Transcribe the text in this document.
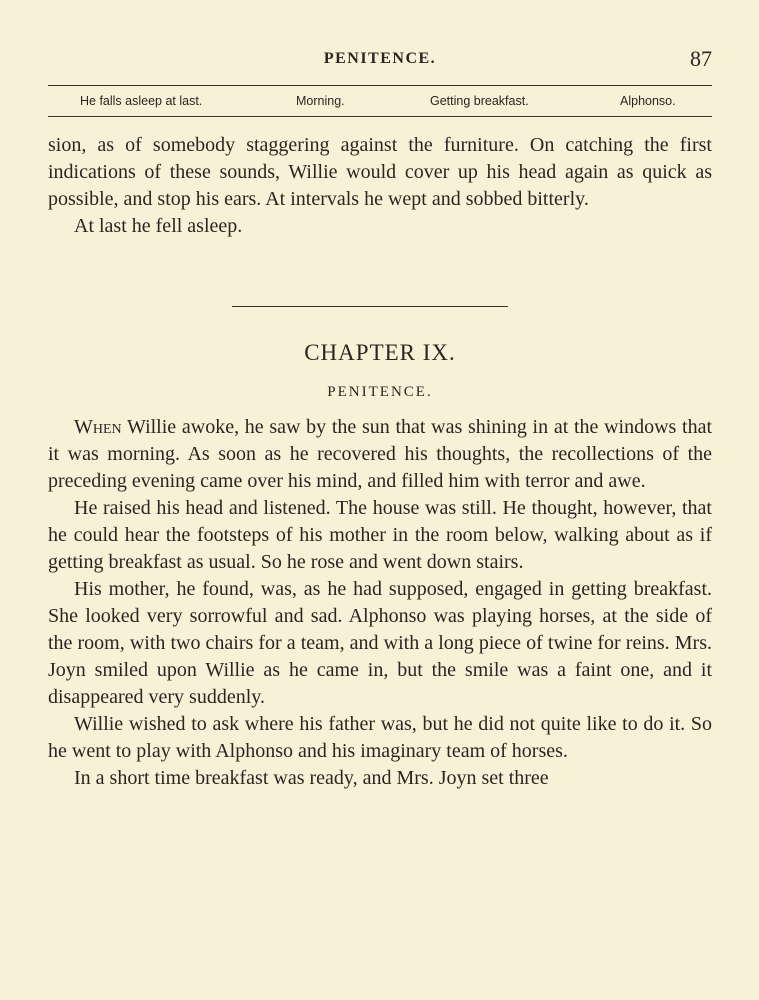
PENITENCE.	87
He falls asleep at last.	Morning.	Getting breakfast.	Alphonso.

sion, as of somebody staggering against the furniture. On catching the first indications of these sounds, Willie would cover up his head again as quick as possible, and stop his ears. At intervals he wept and sobbed bitterly.

At last he fell asleep.

CHAPTER IX.
PENITENCE.

When Willie awoke, he saw by the sun that was shining in at the windows that it was morning. As soon as he recovered his thoughts, the recollections of the preceding evening came over his mind, and filled him with terror and awe.

He raised his head and listened. The house was still. He thought, however, that he could hear the footsteps of his mother in the room below, walking about as if getting breakfast as usual. So he rose and went down stairs.

His mother, he found, was, as he had supposed, engaged in getting breakfast. She looked very sorrowful and sad. Alphonso was playing horses, at the side of the room, with two chairs for a team, and with a long piece of twine for reins. Mrs. Joyn smiled upon Willie as he came in, but the smile was a faint one, and it disappeared very suddenly.

Willie wished to ask where his father was, but he did not quite like to do it. So he went to play with Alphonso and his imaginary team of horses.

In a short time breakfast was ready, and Mrs. Joyn set three
